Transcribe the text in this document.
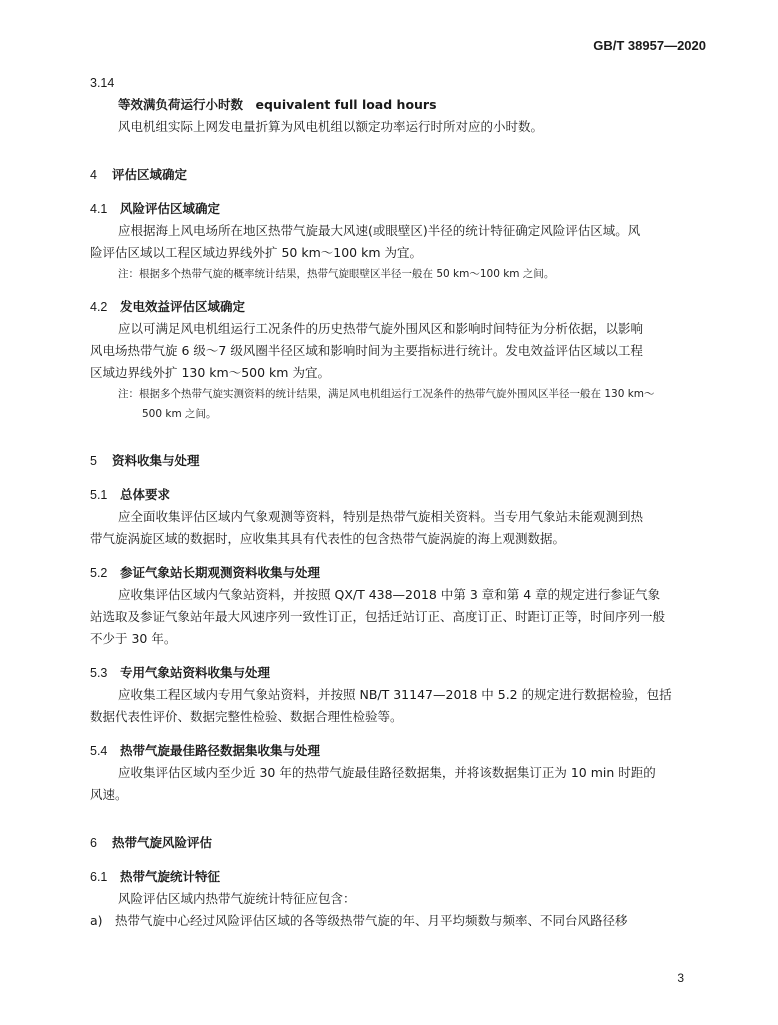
GB/T 38957—2020
3.14
等效满负荷运行小时数　equivalent full load hours
风电机组实际上网发电量折算为风电机组以额定功率运行时所对应的小时数。
4 评估区域确定
4.1 风险评估区域确定
应根据海上风电场所在地区热带气旋最大风速(或眼壁区)半径的统计特征确定风险评估区域。风
险评估区域以工程区域边界线外扩 50 km～100 km 为宜。
注：根据多个热带气旋的概率统计结果，热带气旋眼壁区半径一般在 50 km～100 km 之间。
4.2 发电效益评估区域确定
应以可满足风电机组运行工况条件的历史热带气旋外围风区和影响时间特征为分析依据，以影响
风电场热带气旋 6 级～7 级风圈半径区域和影响时间为主要指标进行统计。发电效益评估区域以工程
区域边界线外扩 130 km～500 km 为宜。
注：根据多个热带气旋实测资料的统计结果，满足风电机组运行工况条件的热带气旋外围风区半径一般在 130 km～
500 km 之间。
5 资料收集与处理
5.1 总体要求
应全面收集评估区域内气象观测等资料，特别是热带气旋相关资料。当专用气象站未能观测到热
带气旋涡旋区域的数据时，应收集其具有代表性的包含热带气旋涡旋的海上观测数据。
5.2 参证气象站长期观测资料收集与处理
应收集评估区域内气象站资料，并按照 QX/T 438—2018 中第 3 章和第 4 章的规定进行参证气象
站选取及参证气象站年最大风速序列一致性订正，包括迁站订正、高度订正、时距订正等，时间序列一般
不少于 30 年。
5.3 专用气象站资料收集与处理
应收集工程区域内专用气象站资料，并按照 NB/T 31147—2018 中 5.2 的规定进行数据检验，包括
数据代表性评价、数据完整性检验、数据合理性检验等。
5.4 热带气旋最佳路径数据集收集与处理
应收集评估区域内至少近 30 年的热带气旋最佳路径数据集，并将该数据集订正为 10 min 时距的
风速。
6 热带气旋风险评估
6.1 热带气旋统计特征
风险评估区域内热带气旋统计特征应包含：
a)　热带气旋中心经过风险评估区域的各等级热带气旋的年、月平均频数与频率、不同台风路径移
3
